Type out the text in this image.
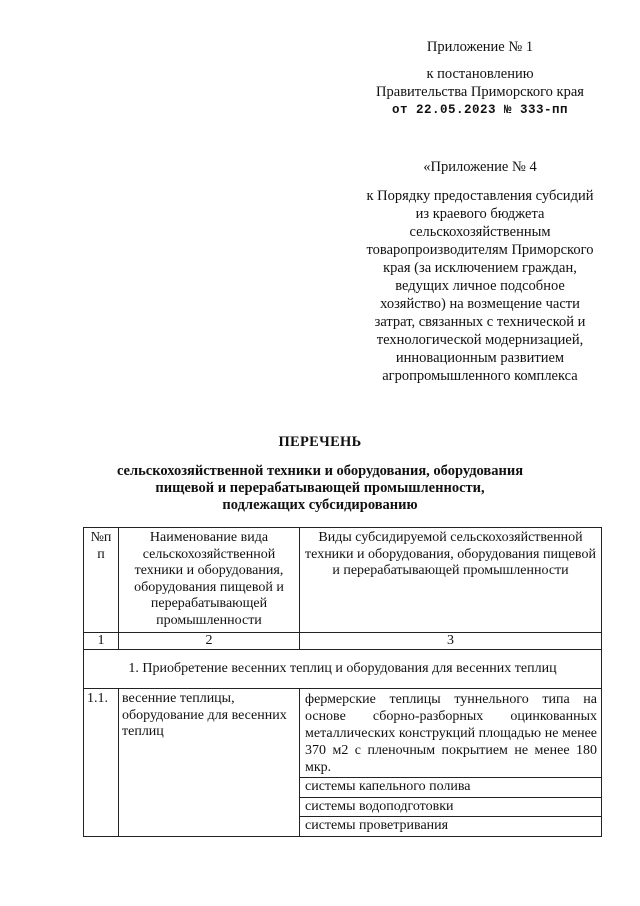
Приложение № 1
к постановлению
Правительства Приморского края
от 22.05.2023 № 333-пп
«Приложение № 4
к Порядку предоставления субсидий
из краевого бюджета
сельскохозяйственным
товаропроизводителям Приморского
края (за исключением граждан,
ведущих личное подсобное
хозяйство) на возмещение части
затрат, связанных с технической и
технологической модернизацией,
инновационным развитием
агропромышленного комплекса
ПЕРЕЧЕНЬ
сельскохозяйственной техники и оборудования, оборудования
пищевой и перерабатывающей промышленности,
подлежащих субсидированию
№п п	Наименование вида сельскохозяйственной техники и оборудования, оборудования пищевой и перерабатывающей промышленности	Виды субсидируемой сельскохозяйственной техники и оборудования, оборудования пищевой и перерабатывающей промышленности
1	2	3
1. Приобретение весенних теплиц и оборудования для весенних теплиц		
1.1.	весенние теплицы, оборудование для весенних теплиц	фермерские теплицы туннельного типа на основе сборно-разборных оцинкованных металлических конструкций площадью не менее 370 м2 с пленочным покрытием не менее 180 мкр.
системы капельного полива
системы водоподготовки
системы проветривания
